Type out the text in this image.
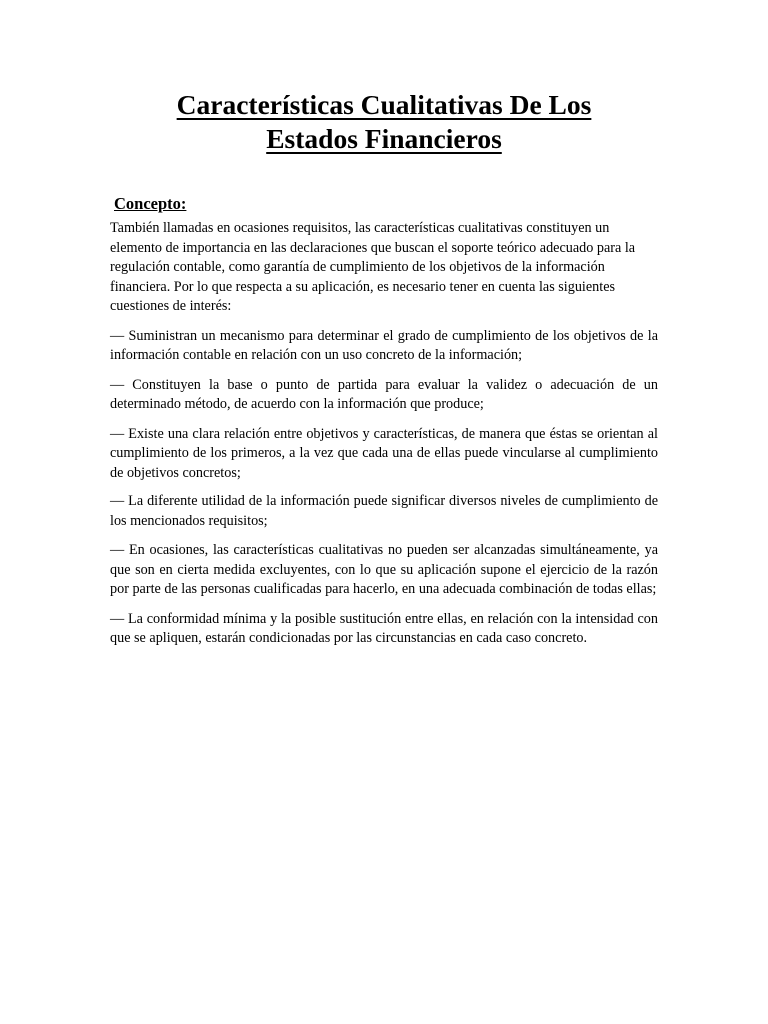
Características Cualitativas De Los
Estados Financieros
Concepto:

También llamadas en ocasiones requisitos, las características cualitativas constituyen un elemento de importancia en las declaraciones que buscan el soporte teórico adecuado para la regulación contable, como garantía de cumplimiento de los objetivos de la información financiera. Por lo que respecta a su aplicación, es necesario tener en cuenta las siguientes cuestiones de interés:

— Suministran un mecanismo para determinar el grado de cumplimiento de los objetivos de la información contable en relación con un uso concreto de la información;

— Constituyen la base o punto de partida para evaluar la validez o adecuación de un determinado método, de acuerdo con la información que produce;

— Existe una clara relación entre objetivos y características, de manera que éstas se orientan al cumplimiento de los primeros, a la vez que cada una de ellas puede vincularse al cumplimiento de objetivos concretos;

— La diferente utilidad de la información puede significar diversos niveles de cumplimiento de los mencionados requisitos;

— En ocasiones, las características cualitativas no pueden ser alcanzadas simultáneamente, ya que son en cierta medida excluyentes, con lo que su aplicación supone el ejercicio de la razón por parte de las personas cualificadas para hacerlo, en una adecuada combinación de todas ellas;

— La conformidad mínima y la posible sustitución entre ellas, en relación con la intensidad con que se apliquen, estarán condicionadas por las circunstancias en cada caso concreto.
